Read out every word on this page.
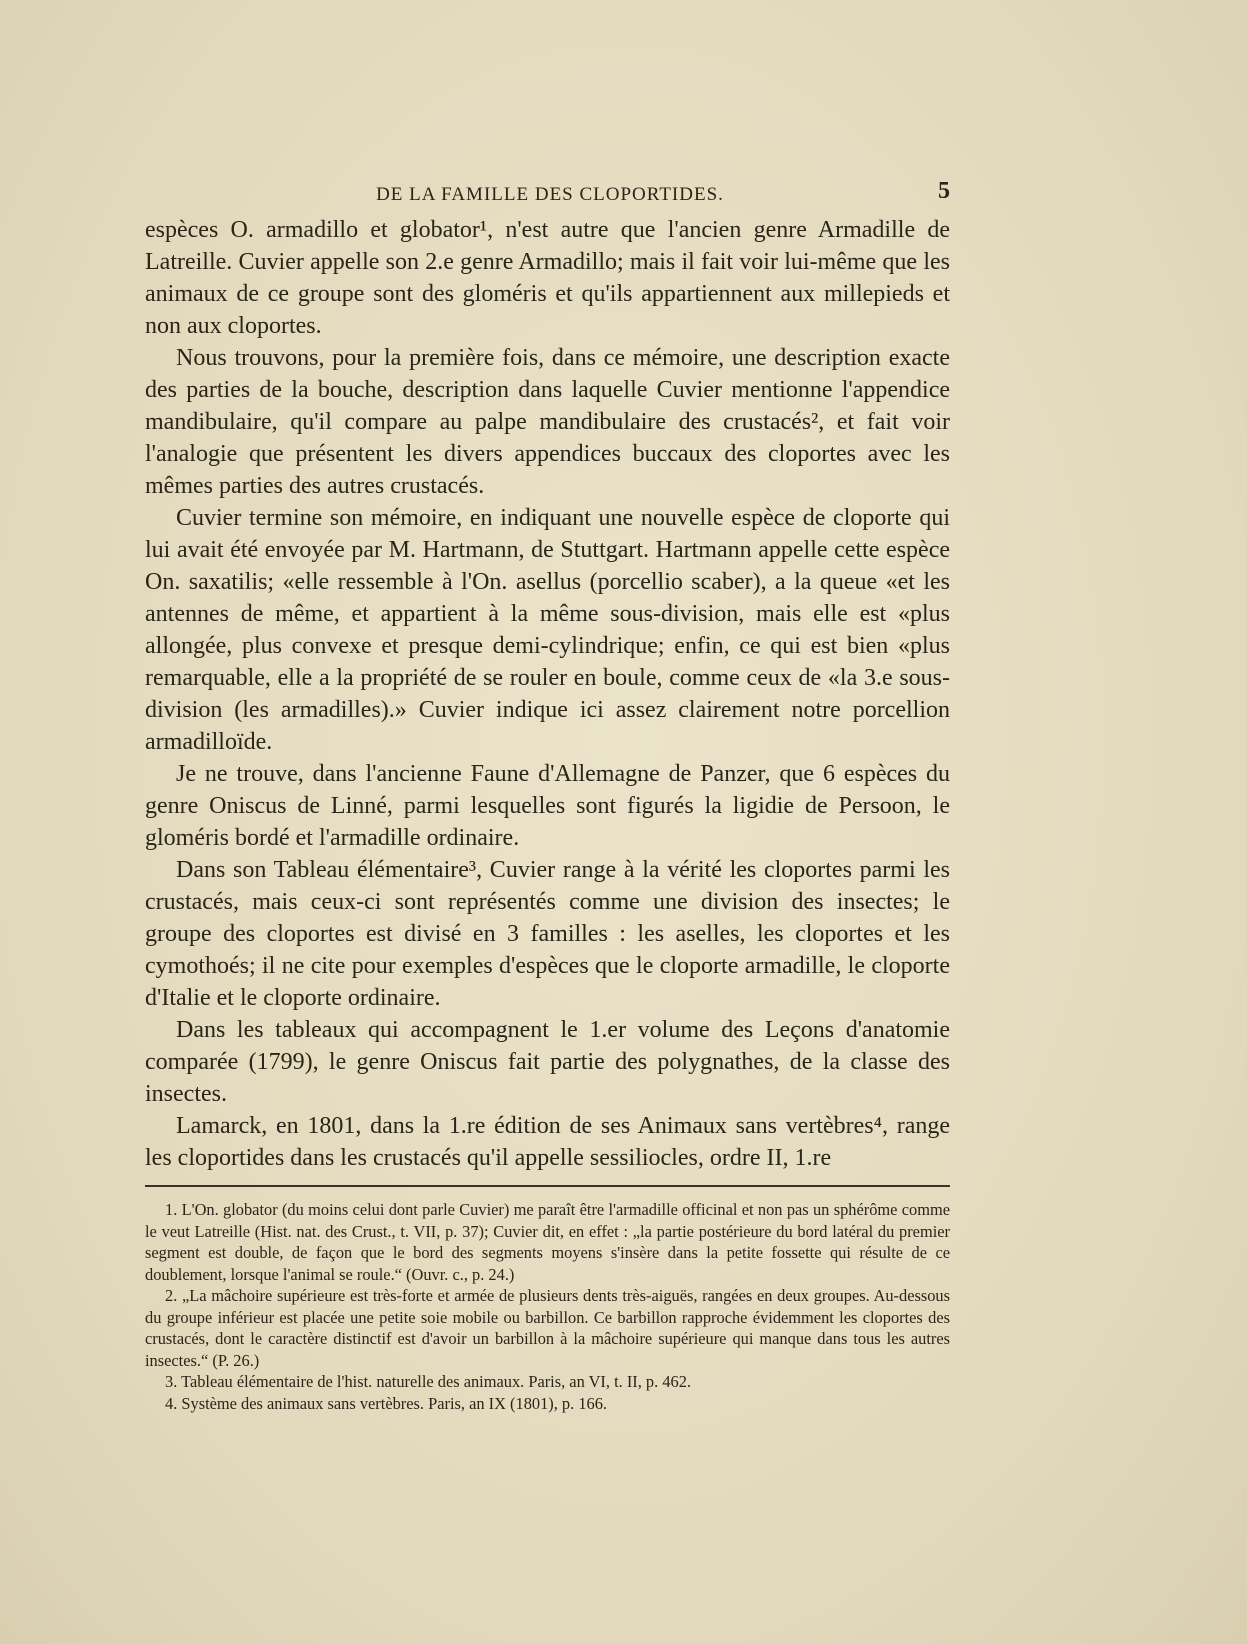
DE LA FAMILLE DES CLOPORTIDES.	5

espèces O. armadillo et globator¹, n'est autre que l'ancien genre Armadille de Latreille. Cuvier appelle son 2.e genre Armadillo; mais il fait voir lui-même que les animaux de ce groupe sont des gloméris et qu'ils appartiennent aux millepieds et non aux cloportes.

Nous trouvons, pour la première fois, dans ce mémoire, une description exacte des parties de la bouche, description dans laquelle Cuvier mentionne l'appendice mandibulaire, qu'il compare au palpe mandibulaire des crustacés², et fait voir l'analogie que présentent les divers appendices buccaux des cloportes avec les mêmes parties des autres crustacés.

Cuvier termine son mémoire, en indiquant une nouvelle espèce de cloporte qui lui avait été envoyée par M. Hartmann, de Stuttgart. Hartmann appelle cette espèce On. saxatilis; «elle ressemble à l'On. asellus (porcellio scaber), a la queue «et les antennes de même, et appartient à la même sous-division, mais elle est «plus allongée, plus convexe et presque demi-cylindrique; enfin, ce qui est bien «plus remarquable, elle a la propriété de se rouler en boule, comme ceux de «la 3.e sous-division (les armadilles).» Cuvier indique ici assez clairement notre porcellion armadilloïde.

Je ne trouve, dans l'ancienne Faune d'Allemagne de Panzer, que 6 espèces du genre Oniscus de Linné, parmi lesquelles sont figurés la ligidie de Persoon, le gloméris bordé et l'armadille ordinaire.

Dans son Tableau élémentaire³, Cuvier range à la vérité les cloportes parmi les crustacés, mais ceux-ci sont représentés comme une division des insectes; le groupe des cloportes est divisé en 3 familles : les aselles, les cloportes et les cymothoés; il ne cite pour exemples d'espèces que le cloporte armadille, le cloporte d'Italie et le cloporte ordinaire.

Dans les tableaux qui accompagnent le 1.er volume des Leçons d'anatomie comparée (1799), le genre Oniscus fait partie des polygnathes, de la classe des insectes.

Lamarck, en 1801, dans la 1.re édition de ses Animaux sans vertèbres⁴, range les cloportides dans les crustacés qu'il appelle sessiliocles, ordre II, 1.re

1. L'On. globator (du moins celui dont parle Cuvier) me paraît être l'armadille officinal et non pas un sphérôme comme le veut Latreille (Hist. nat. des Crust., t. VII, p. 37); Cuvier dit, en effet : „la partie postérieure du bord latéral du premier segment est double, de façon que le bord des segments moyens s'insère dans la petite fossette qui résulte de ce doublement, lorsque l'animal se roule.“ (Ouvr. c., p. 24.)

2. „La mâchoire supérieure est très-forte et armée de plusieurs dents très-aiguës, rangées en deux groupes. Au-dessous du groupe inférieur est placée une petite soie mobile ou barbillon. Ce barbillon rapproche évidemment les cloportes des crustacés, dont le caractère distinctif est d'avoir un barbillon à la mâchoire supérieure qui manque dans tous les autres insectes.“ (P. 26.)

3. Tableau élémentaire de l'hist. naturelle des animaux. Paris, an VI, t. II, p. 462.

4. Système des animaux sans vertèbres. Paris, an IX (1801), p. 166.
